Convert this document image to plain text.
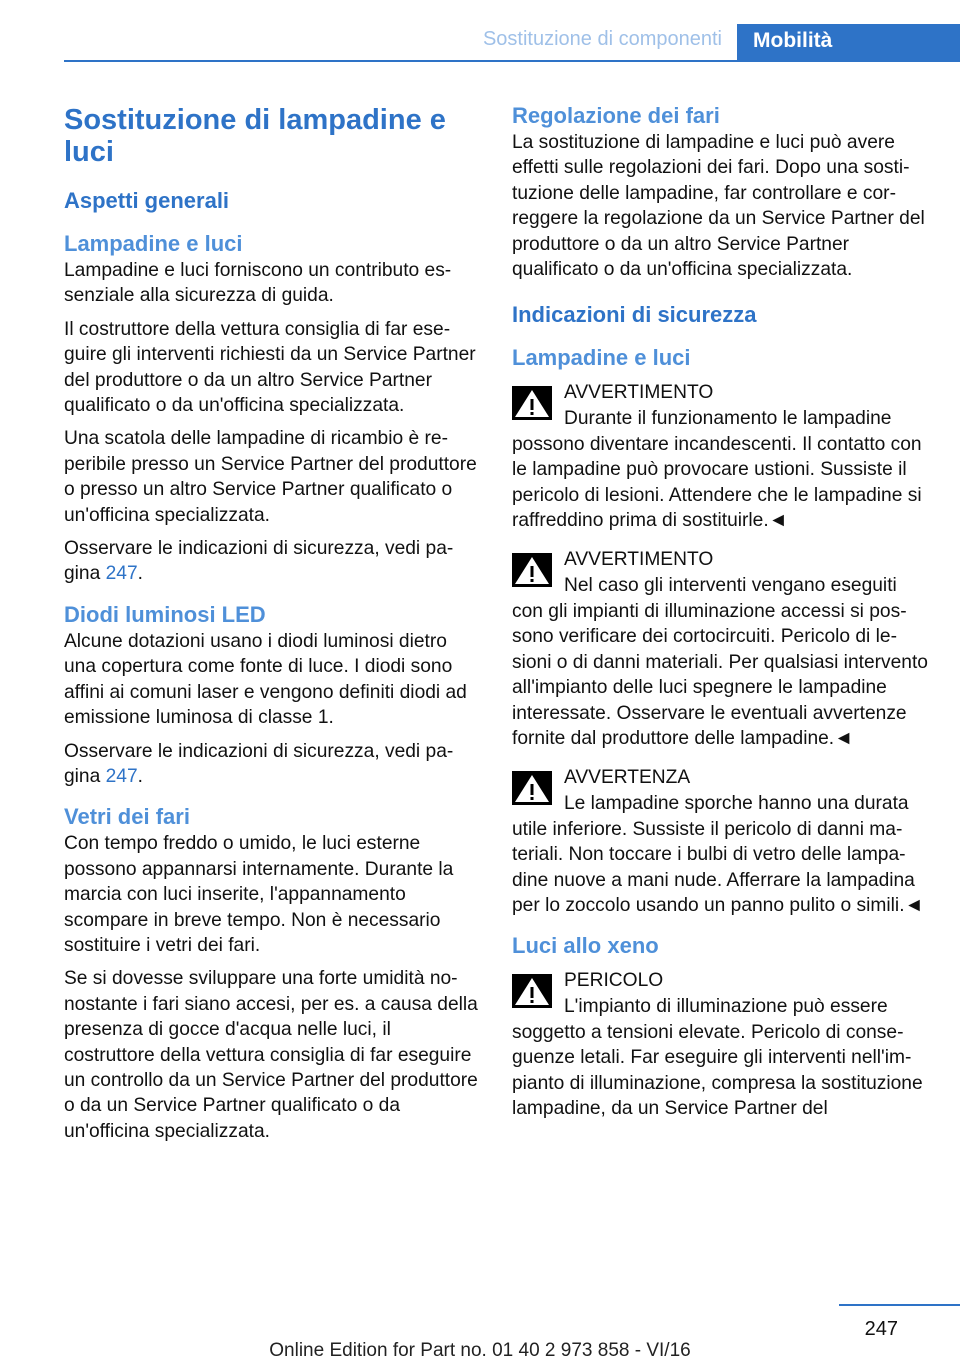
Sostituzione di componenti Mobilità
Sostituzione di lampadine e luci
Aspetti generali
Lampadine e luci

Lampadine e luci forniscono un contributo essenziale alla sicurezza di guida.

Il costruttore della vettura consiglia di far eseguire gli interventi richiesti da un Service Partner del produttore o da un altro Service Partner qualificato o da un'officina specializzata.

Una scatola delle lampadine di ricambio è reperibile presso un Service Partner del produttore o presso un altro Service Partner qualificato o un'officina specializzata.

Osservare le indicazioni di sicurezza, vedi pagina 247.

Diodi luminosi LED

Alcune dotazioni usano i diodi luminosi dietro una copertura come fonte di luce. I diodi sono affini ai comuni laser e vengono definiti diodi ad emissione luminosa di classe 1.

Osservare le indicazioni di sicurezza, vedi pagina 247.

Vetri dei fari

Con tempo freddo o umido, le luci esterne possono appannarsi internamente. Durante la marcia con luci inserite, l'appannamento scompare in breve tempo. Non è necessario sostituire i vetri dei fari.

Se si dovesse sviluppare una forte umidità nonostante i fari siano accesi, per es. a causa della presenza di gocce d'acqua nelle luci, il costruttore della vettura consiglia di far eseguire un controllo da un Service Partner del produttore o da un Service Partner qualificato o da un'officina specializzata.

Regolazione dei fari

La sostituzione di lampadine e luci può avere effetti sulle regolazioni dei fari. Dopo una sostituzione delle lampadine, far controllare e correggere la regolazione da un Service Partner del produttore o da un altro Service Partner qualificato o da un'officina specializzata.

Indicazioni di sicurezza
Lampadine e luci
AVVERTIMENTO

Durante il funzionamento le lampadine
possono diventare incandescenti. Il contatto con le lampadine può provocare ustioni. Sussiste il pericolo di lesioni. Attendere che le lampadine si raffreddino prima di sostituirle.◄

AVVERTIMENTO

Nel caso gli interventi vengano eseguiti
con gli impianti di illuminazione accessi si possono verificare dei cortocircuiti. Pericolo di lesioni o di danni materiali. Per qualsiasi intervento all'impianto delle luci spegnere le lampadine interessate. Osservare le eventuali avvertenze fornite dal produttore delle lampadine.◄

AVVERTENZA

Le lampadine sporche hanno una durata
utile inferiore. Sussiste il pericolo di danni materiali. Non toccare i bulbi di vetro delle lampadine nuove a mani nude. Afferrare la lampadina per lo zoccolo usando un panno pulito o simili.◄

Luci allo xeno
PERICOLO

L'impianto di illuminazione può essere
soggetto a tensioni elevate. Pericolo di conseguenze letali. Far eseguire gli interventi nell'impianto di illuminazione, compresa la sostituzione lampadine, da un Service Partner del

247
Online Edition for Part no. 01 40 2 973 858 - VI/16
